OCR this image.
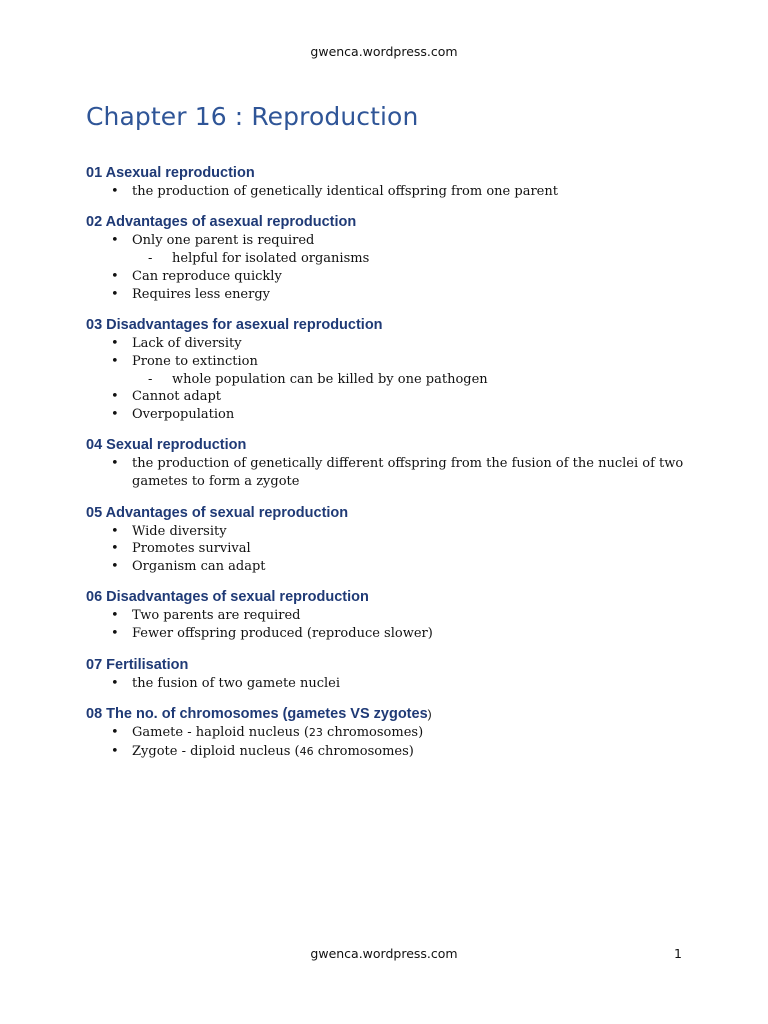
gwenca.wordpress.com
Chapter 16 : Reproduction
01 Asexual reproduction
• the production of genetically identical offspring from one parent
02 Advantages of asexual reproduction
• Only one parent is required
- helpful for isolated organisms
• Can reproduce quickly
• Requires less energy
03 Disadvantages for asexual reproduction
• Lack of diversity
• Prone to extinction
- whole population can be killed by one pathogen
• Cannot adapt
• Overpopulation
04 Sexual reproduction
• the production of genetically different offspring from the fusion of the nuclei of two gametes to form a zygote
05 Advantages of sexual reproduction
• Wide diversity
• Promotes survival
• Organism can adapt
06 Disadvantages of sexual reproduction
• Two parents are required
• Fewer offspring produced (reproduce slower)
07 Fertilisation
• the fusion of two gamete nuclei
08 The no. of chromosomes (gametes VS zygotes)
• Gamete - haploid nucleus (23 chromosomes)
• Zygote - diploid nucleus (46 chromosomes)
gwenca.wordpress.com	1
